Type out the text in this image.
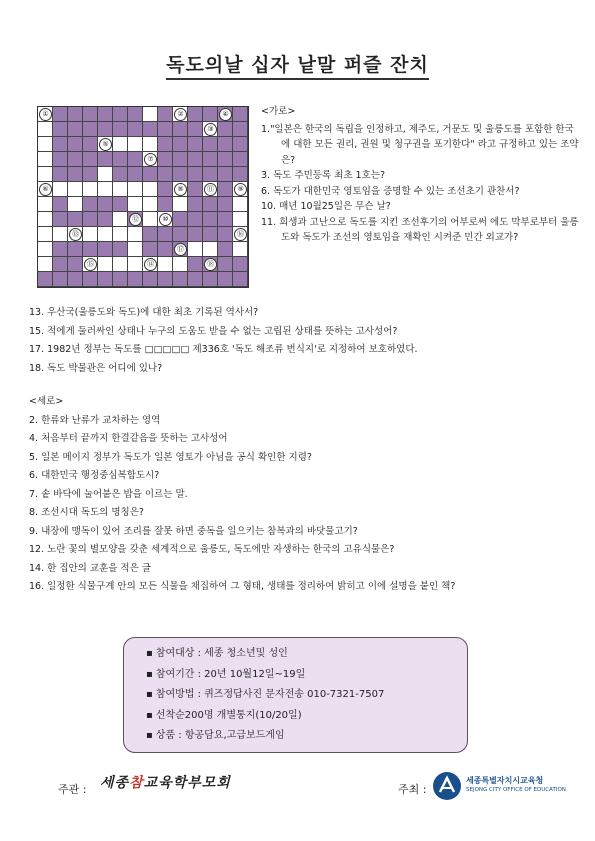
독도의날 십자 낱말 퍼즐 잔치
①	②	④
③
⑤
⑦
⑥	⑧	⑪	⑨
⑫	⑩
⑬	⑯
⑰
⑮	⑭	⑱
<가로>
1."일본은 한국의 독립을 인정하고, 제주도, 거문도 및 울릉도를 포함한 한국에 대한 모든 권리, 권원 및 청구권을 포기한다" 라고 규정하고 있는 조약은?
3. 독도 주민등록 최초 1호는?
6. 독도가 대한민국 영토임을 증명할 수 있는 조선초기 관찬서?
10. 매년 10월25일은 무슨 날?
11. 희생과 고난으로 독도를 지킨 조선후기의 어부로써 에도 막부로부터 울릉도와 독도가 조선의 영토임을 재확인 시켜준 민간 외교가?
13. 우산국(울릉도와 독도)에 대한 최초 기록된 역사서?
15. 적에게 둘러싸인 상태나 누구의 도움도 받을 수 없는 고립된 상태를 뜻하는 고사성어?
17. 1982년 정부는 독도를 □□□□□ 제336호 '독도 해조류 번식지'로 지정하여 보호하였다.
18. 독도 박물관은 어디에 있나?
<세로>
2. 한류와 난류가 교차하는 영역
4. 처음부터 끝까지 한결같음을 뜻하는 고사성어
5. 일본 메이지 정부가 독도가 일본 영토가 아님을 공식 확인한 지령?
6. 대한민국 행정중심복합도시?
7. 솥 바닥에 눌어붙은 밥을 이르는 말.
8. 조선시대 독도의 명칭은?
9. 내장에 맹독이 있어 조리를 잘못 하면 중독을 일으키는 참복과의 바닷물고기?
12. 노란 꽃의 별모양을 갖춘 세계적으로 울릉도, 독도에만 자생하는 한국의 고유식물은?
14. 한 집안의 교훈을 적은 글
16. 일정한 식물구계 안의 모든 식물을 채집하여 그 형태, 생태를 정리하여 밝히고 이에 설명을 붙인 책?
▪ 참여대상 : 세종 청소년및 성인
▪ 참여기간 : 20년 10월12일~19일
▪ 참여방법 : 퀴즈정답사진 문자전송 010-7321-7507
▪ 선착순200명 개별통지(10/20일)
▪ 상품 : 항공담요,고급보드게임
주관 : 세종참교육학부모회	주최 :
세종특별자치시교육청
SEJONG CITY OFFICE OF EDUCATION
